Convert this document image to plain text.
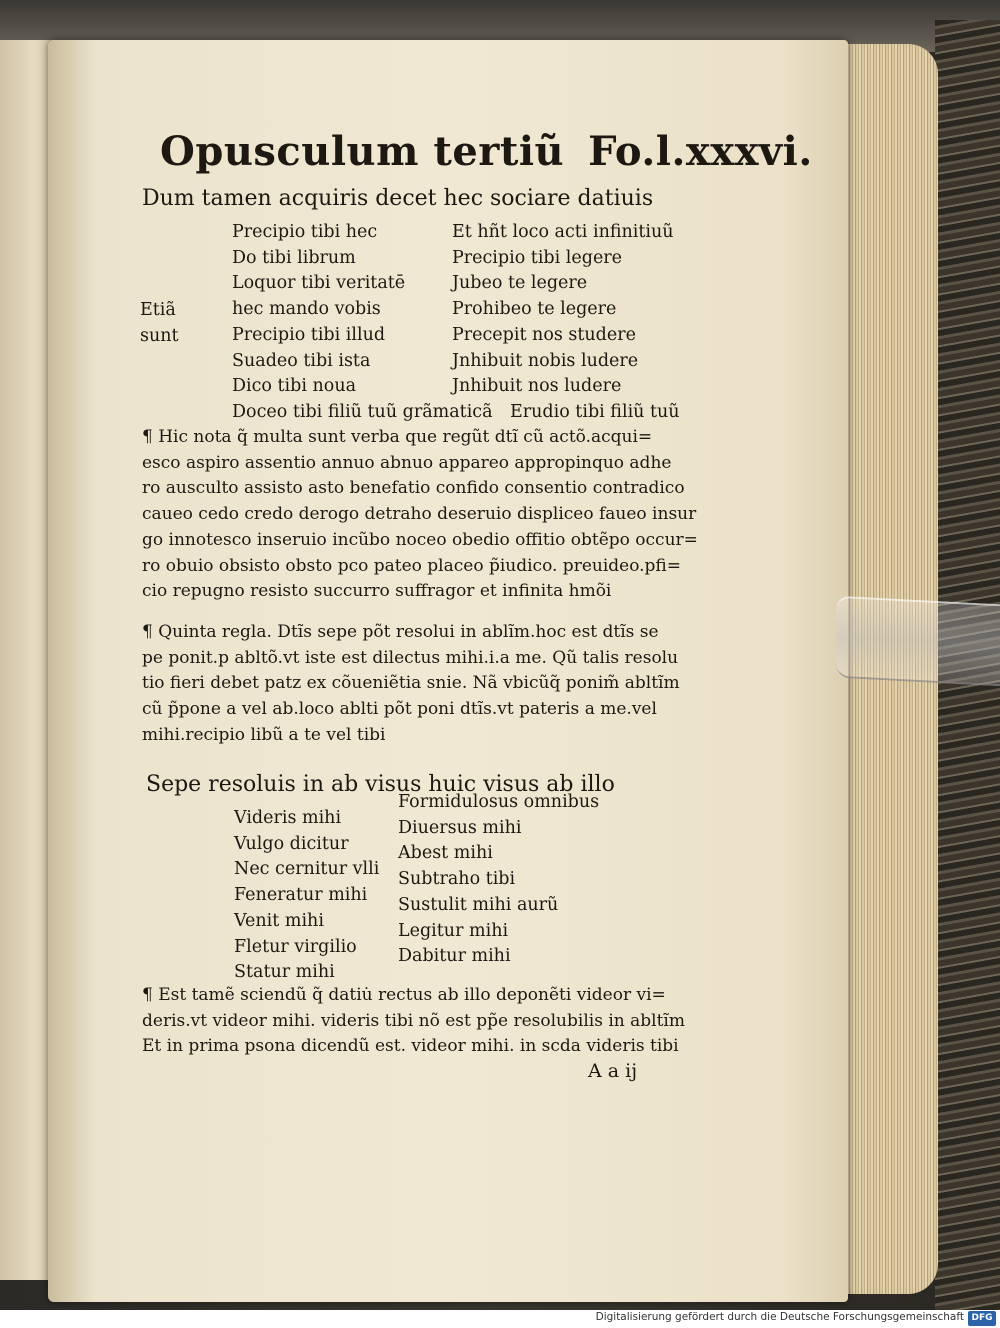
Opusculum tertiũ Fo.l.xxxvi.
Dum tamen acquiris decet hec sociare datiuis
Precipio tibi hec
Do tibi librum
Loquor tibi veritatē
hec mando vobis
Precipio tibi illud
Suadeo tibi ista
Dico tibi noua
Doceo tibi filiũ tuũ grãmaticã
Etiã
sunt
Et hñt loco acti infinitiuũ
Precipio tibi legere
Jubeo te legere
Prohibeo te legere
Precepit nos studere
Jnhibuit nobis ludere
Jnhibuit nos ludere
Erudio tibi filiũ tuũ
¶ Hic nota q̃ multa sunt verba que regũt dtĩ cũ actõ.acqui=
esco aspiro assentio annuo abnuo appareo appropinquo adhe
ro ausculto assisto asto benefatio confido consentio contradico
caueo cedo credo derogo detraho deseruio displiceo faueo insur
go innotesco inseruio incũbo noceo obedio offitio obtẽpo occur=
ro obuio obsisto obsto pco pateo placeo p̃iudico. preuideo.pfi=
cio repugno resisto succurro suffragor et infinita hmõi
¶ Quinta regla. Dtĩs sepe põt resolui in ablĩm.hoc est dtĩs se
pe ponit.p abltõ.vt iste est dilectus mihi.i.a me. Qũ talis resolu
tio fieri debet patz ex cõueniẽtia snie. Nã vbicũq̃ ponim̃ abltĩm
cũ p̃pone a vel ab.loco ablti põt poni dtĩs.vt pateris a me.vel
mihi.recipio libũ a te vel tibi
Sepe resoluis in ab visus huic visus ab illo
Videris mihi
Vulgo dicitur
Nec cernitur vlli
Feneratur mihi
Venit mihi
Fletur virgilio
Statur mihi
Formidulosus omnibus
Diuersus mihi
Abest mihi
Subtraho tibi
Sustulit mihi aurũ
Legitur mihi
Dabitur mihi
¶ Est tamẽ sciendũ q̃ datiu̇ rectus ab illo deponẽti videor vi=
deris.vt videor mihi. videris tibi nõ est pp̃e resolubilis in abltĩm
Et in prima psona dicendũ est. videor mihi. in scda videris tibi
A a ij
Digitalisierung gefördert durch die Deutsche Forschungsgemeinschaft DFG
